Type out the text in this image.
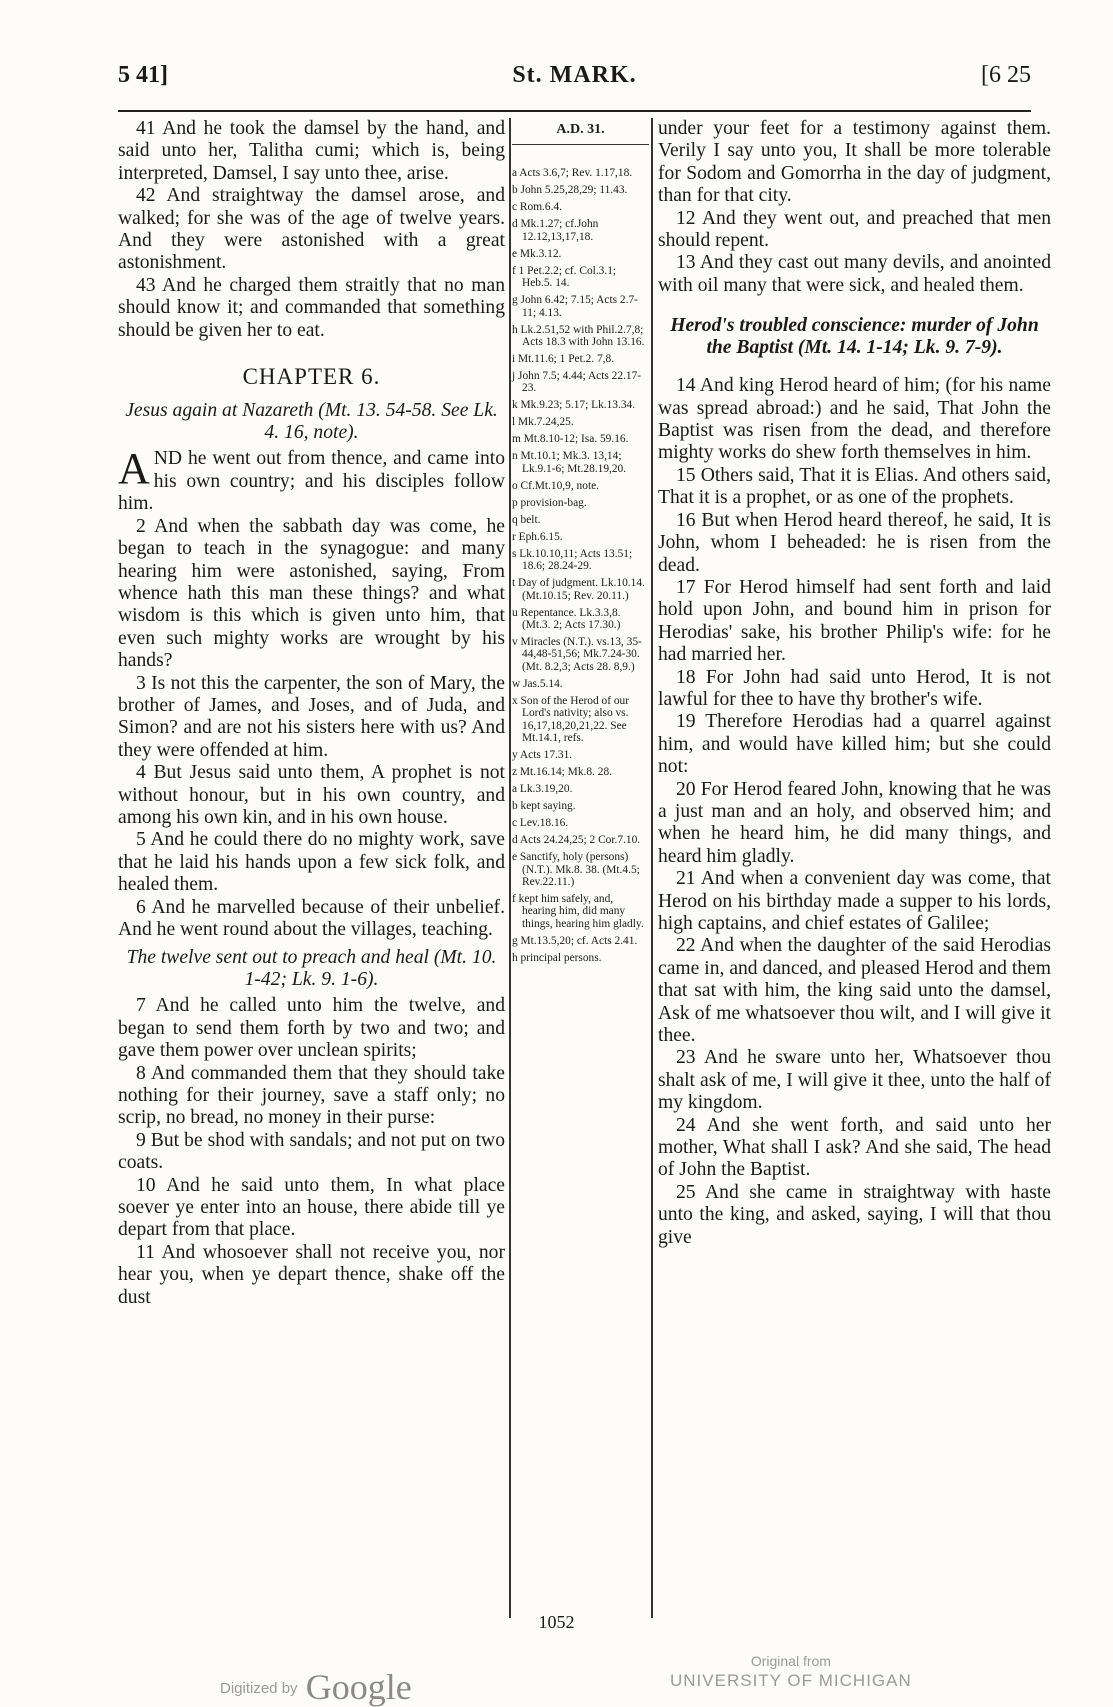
5 41]	St. MARK.	[6 25

41 And he took the damsel by the hand, and said unto her, Talitha cumi; which is, being interpreted, Damsel, I say unto thee, arise.

42 And straightway the damsel arose, and walked; for she was of the age of twelve years. And they were astonished with a great astonishment.

43 And he charged them straitly that no man should know it; and commanded that something should be given her to eat.

CHAPTER 6.
Jesus again at Nazareth (Mt. 13. 54-58. See Lk. 4. 16, note).

AND he went out from thence, and came into his own country; and his disciples follow him.

2 And when the sabbath day was come, he began to teach in the synagogue: and many hearing him were astonished, saying, From whence hath this man these things? and what wisdom is this which is given unto him, that even such mighty works are wrought by his hands?

3 Is not this the carpenter, the son of Mary, the brother of James, and Joses, and of Juda, and Simon? and are not his sisters here with us? And they were offended at him.

4 But Jesus said unto them, A prophet is not without honour, but in his own country, and among his own kin, and in his own house.

5 And he could there do no mighty work, save that he laid his hands upon a few sick folk, and healed them.

6 And he marvelled because of their unbelief. And he went round about the villages, teaching.

The twelve sent out to preach and heal (Mt. 10. 1-42; Lk. 9. 1-6).

7 And he called unto him the twelve, and began to send them forth by two and two; and gave them power over unclean spirits;

8 And commanded them that they should take nothing for their journey, save a staff only; no scrip, no bread, no money in their purse:

9 But be shod with sandals; and not put on two coats.

10 And he said unto them, In what place soever ye enter into an house, there abide till ye depart from that place.

11 And whosoever shall not receive you, nor hear you, when ye depart thence, shake off the dust

A.D. 31.
a Acts 3.6,7; Rev. 1.17,18.
b John 5.25,28,29; 11.43.
c Rom.6.4.
d Mk.1.27; cf.John 12.12,13,17,18.
e Mk.3.12.
f 1 Pet.2.2; cf. Col.3.1; Heb.5. 14.
g John 6.42; 7.15; Acts 2.7-11; 4.13.
h Lk.2.51,52 with Phil.2.7,8; Acts 18.3 with John 13.16.
i Mt.11.6; 1 Pet.2. 7,8.
j John 7.5; 4.44; Acts 22.17-23.
k Mk.9.23; 5.17; Lk.13.34.
l Mk.7.24,25.
m Mt.8.10-12; Isa. 59.16.
n Mt.10.1; Mk.3. 13,14; Lk.9.1-6; Mt.28.19,20.
o Cf.Mt.10,9, note.
p provision-bag.
q belt.
r Eph.6.15.
s Lk.10.10,11; Acts 13.51; 18.6; 28.24-29.
t Day of judgment. Lk.10.14. (Mt.10.15; Rev. 20.11.)
u Repentance. Lk.3.3,8. (Mt.3. 2; Acts 17.30.)
v Miracles (N.T.). vs.13, 35-44,48-51,56; Mk.7.24-30. (Mt. 8.2,3; Acts 28. 8,9.)
w Jas.5.14.
x Son of the Herod of our Lord's nativity; also vs. 16,17,18,20,21,22. See Mt.14.1, refs.
y Acts 17.31.
z Mt.16.14; Mk.8. 28.
a Lk.3.19,20.
b kept saying.
c Lev.18.16.
d Acts 24.24,25; 2 Cor.7.10.
e Sanctify, holy (persons) (N.T.). Mk.8. 38. (Mt.4.5; Rev.22.11.)
f kept him safely, and, hearing him, did many things, hearing him gladly.
g Mt.13.5,20; cf. Acts 2.41.
h principal persons.

under your feet for a testimony against them. Verily I say unto you, It shall be more tolerable for Sodom and Gomorrha in the day of judgment, than for that city.

12 And they went out, and preached that men should repent.

13 And they cast out many devils, and anointed with oil many that were sick, and healed them.

Herod's troubled conscience: murder of John the Baptist (Mt. 14. 1-14; Lk. 9. 7-9).

14 And king Herod heard of him; (for his name was spread abroad:) and he said, That John the Baptist was risen from the dead, and therefore mighty works do shew forth themselves in him.

15 Others said, That it is Elias. And others said, That it is a prophet, or as one of the prophets.

16 But when Herod heard thereof, he said, It is John, whom I beheaded: he is risen from the dead.

17 For Herod himself had sent forth and laid hold upon John, and bound him in prison for Herodias' sake, his brother Philip's wife: for he had married her.

18 For John had said unto Herod, It is not lawful for thee to have thy brother's wife.

19 Therefore Herodias had a quarrel against him, and would have killed him; but she could not:

20 For Herod feared John, knowing that he was a just man and an holy, and observed him; and when he heard him, he did many things, and heard him gladly.

21 And when a convenient day was come, that Herod on his birthday made a supper to his lords, high captains, and chief estates of Galilee;

22 And when the daughter of the said Herodias came in, and danced, and pleased Herod and them that sat with him, the king said unto the damsel, Ask of me whatsoever thou wilt, and I will give it thee.

23 And he sware unto her, Whatsoever thou shalt ask of me, I will give it thee, unto the half of my kingdom.

24 And she went forth, and said unto her mother, What shall I ask? And she said, The head of John the Baptist.

25 And she came in straightway with haste unto the king, and asked, saying, I will that thou give

1052
Digitized by Google
Original from
UNIVERSITY OF MICHIGAN
